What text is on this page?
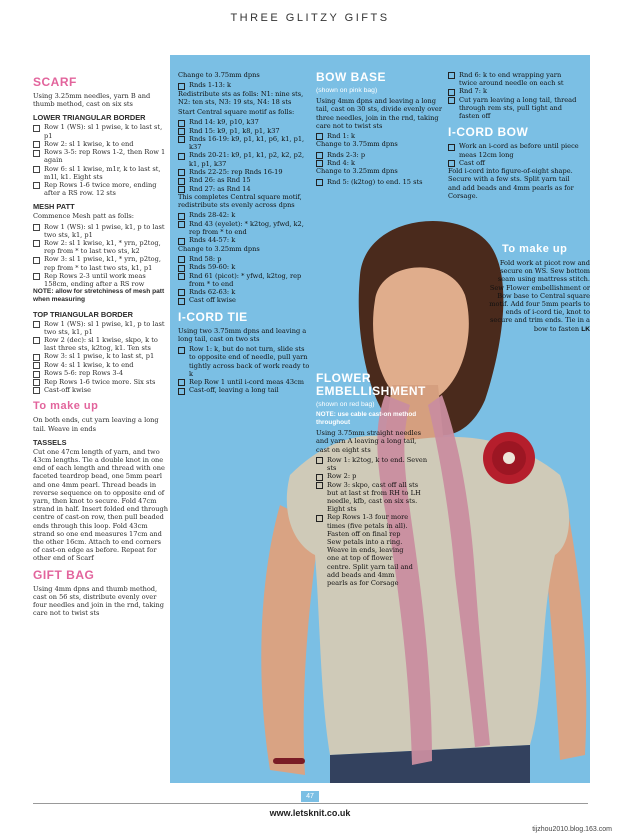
THREE GLITZY GIFTS
SCARF

Using 3.25mm needles, yarn B and thumb method, cast on six sts

LOWER TRIANGULAR BORDER
Row 1 (WS): sl 1 pwise, k to last st, p1
Row 2: sl 1 kwise, k to end
Rows 3-5: rep Rows 1-2, then Row 1 again
Row 6: sl 1 kwise, m1r, k to last st, m1l, k1. Eight sts
Rep Rows 1-6 twice more, ending after a RS row. 12 sts
MESH PATT

Commence Mesh patt as folls:

Row 1 (WS): sl 1 pwise, k1, p to last two sts, k1, p1
Row 2: sl 1 kwise, k1, * yrn, p2tog, rep from * to last two sts, k2
Row 3: sl 1 pwise, k1, * yrn, p2tog, rep from * to last two sts, k1, p1
Rep Rows 2-3 until work meas 158cm, ending after a RS row

NOTE: allow for stretchiness of mesh patt when measuring

TOP TRIANGULAR BORDER
Row 1 (WS): sl 1 pwise, k1, p to last two sts, k1, p1
Row 2 (dec): sl 1 kwise, skpo, k to last three sts, k2tog, k1. Ten sts
Row 3: sl 1 pwise, k to last st, p1
Row 4: sl 1 kwise, k to end
Rows 5-6: rep Rows 3-4
Rep Rows 1-6 twice more. Six sts
Cast-off kwise
To make up

On both ends, cut yarn leaving a long tail. Weave in ends

TASSELS

Cut one 47cm length of yarn, and two 43cm lengths. Tie a double knot in one end of each length and thread with one faceted teardrop bead, one 5mm pearl and one 4mm pearl. Thread beads in reverse sequence on to opposite end of yarn, then knot to secure. Fold 47cm strand in half. Insert folded end through centre of cast-on row, then pull beaded ends through this loop. Fold 43cm strand so one end measures 17cm and the other 16cm. Attach to end corners of cast-on edge as before. Repeat for other end of Scarf

GIFT BAG

Using 4mm dpns and thumb method, cast on 56 sts, distribute evenly over four needles and join in the rnd, taking care not to twist sts

Change to 3.75mm dpns

Rnds 1-13: k

Redistribute sts as folls: N1: nine sts, N2: ten sts, N3: 19 sts, N4: 18 sts

Start Central square motif as folls:

Rnd 14: k9, p10, k37
Rnd 15: k9, p1, k8, p1, k37
Rnds 16-19: k9, p1, k1, p6, k1, p1, k37
Rnds 20-21: k9, p1, k1, p2, k2, p2, k1, p1, k37
Rnds 22-25: rep Rnds 16-19
Rnd 26: as Rnd 15
Rnd 27: as Rnd 14

This completes Central square motif, redistribute sts evenly across dpns

Rnds 28-42: k
Rnd 43 (eyelet): * k2tog, yfwd, k2, rep from * to end
Rnds 44-57: k

Change to 3.25mm dpns

Rnd 58: p
Rnds 59-60: k
Rnd 61 (picot): * yfwd, k2tog, rep from * to end
Rnds 62-63: k
Cast off kwise
I-CORD TIE

Using two 3.75mm dpns and leaving a long tail, cast on two sts

Row 1: k, but do not turn, slide sts to opposite end of needle, pull yarn tightly across back of work ready to k
Rep Row 1 until i-cord meas 43cm
Cast-off, leaving a long tail
BOW BASE

(shown on pink bag)

Using 4mm dpns and leaving a long tail, cast on 30 sts, divide evenly over three needles, join in the rnd, taking care not to twist sts

Rnd 1: k

Change to 3.75mm dpns

Rnds 2-3: p
Rnd 4: k

Change to 3.25mm dpns

Rnd 5: (k2tog) to end. 15 sts
FLOWER EMBELLISHMENT

(shown on red bag)

NOTE: use cable cast-on method throughout

Using 3.75mm straight needles and yarn A leaving a long tail, cast on eight sts

Row 1: k2tog, k to end. Seven sts
Row 2: p
Row 3: skpo, cast off all sts but at last st from RH to LH needle, kfb, cast on six sts. Eight sts
Rep Rows 1-3 four more times (five petals in all). Fasten off on final rep Sew petals into a ring. Weave in ends, leaving one at top of flower centre. Split yarn tail and add beads and 4mm pearls as for Corsage
Rnd 6: k to end wrapping yarn twice around needle on each st
Rnd 7: k
Cut yarn leaving a long tail, thread through rem sts, pull tight and fasten off
I-CORD BOW
Work an i-cord as before until piece meas 12cm long
Cast off

Fold i-cord into figure-of-eight shape. Secure with a few sts. Split yarn tail and add beads and 4mm pearls as for Corsage.

To make up

Fold work at picot row and secure on WS. Sew bottom seam using mattress stitch. Sew Flower embellishment or Bow base to Central square motif. Add four 5mm pearls to ends of i-cord tie, knot to secure and trim ends. Tie in a bow to fasten LK

47
www.letsknit.co.uk
tijzhou2010.blog.163.com
